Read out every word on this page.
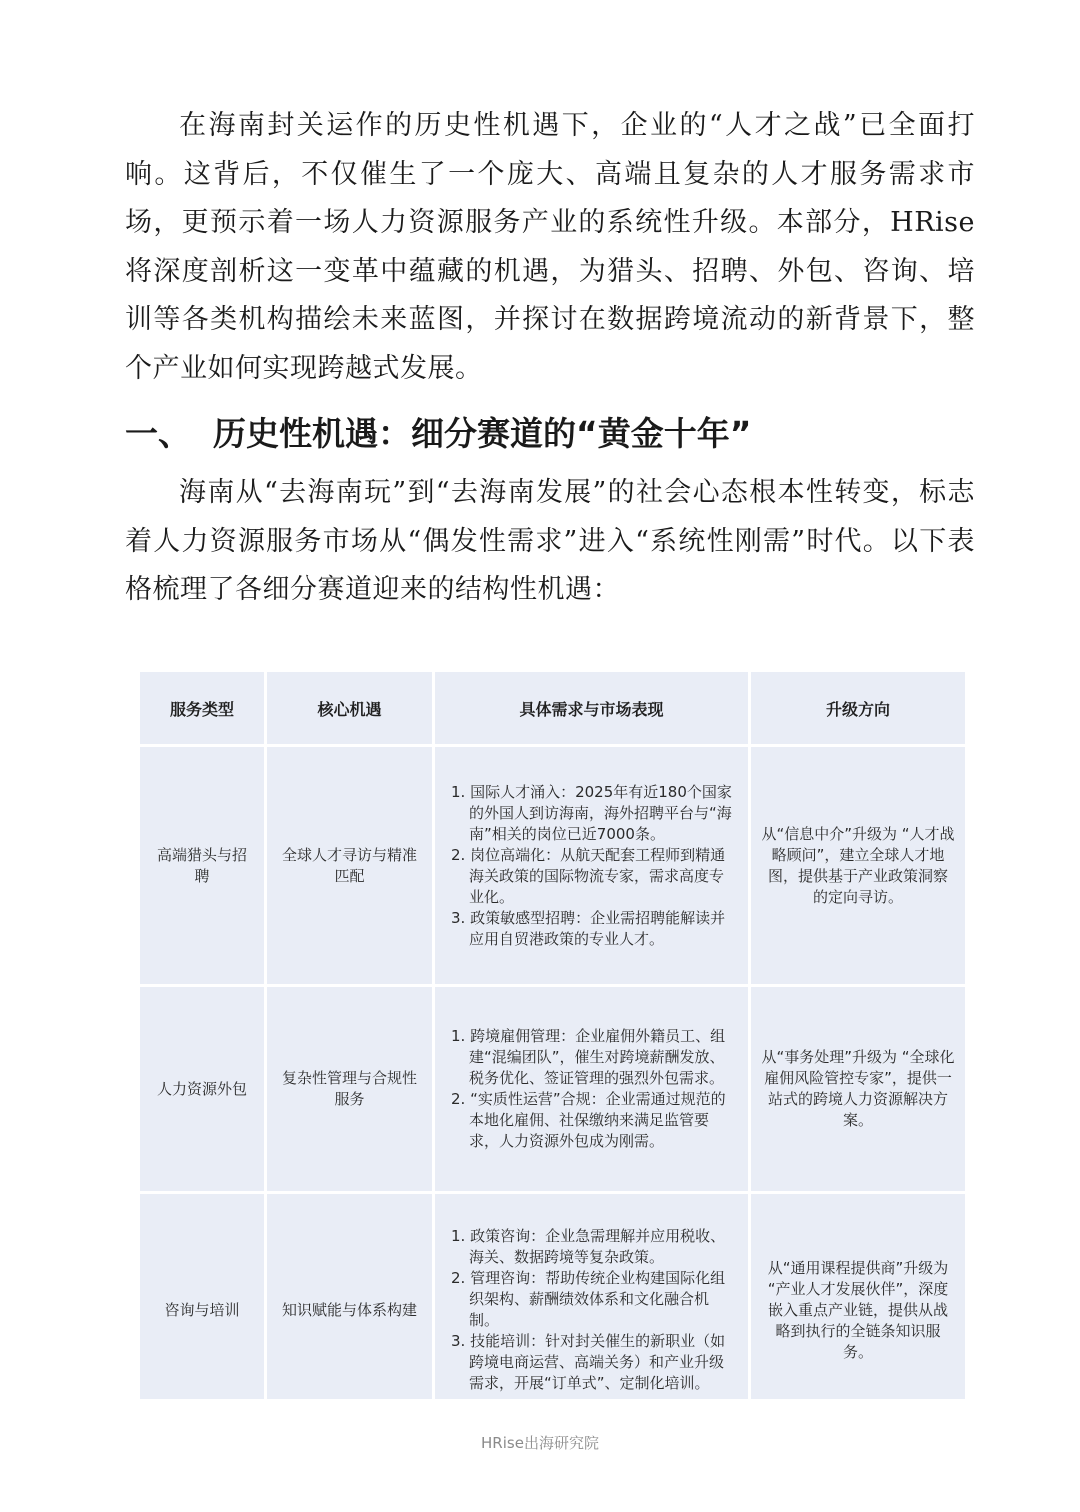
在海南封关运作的历史性机遇下，企业的“人才之战”已全面打响。这背后，不仅催生了一个庞大、高端且复杂的人才服务需求市场，更预示着一场人力资源服务产业的系统性升级。本部分，HRise将深度剖析这一变革中蕴藏的机遇，为猎头、招聘、外包、咨询、培训等各类机构描绘未来蓝图，并探讨在数据跨境流动的新背景下，整个产业如何实现跨越式发展。

一、 历史性机遇：细分赛道的“黄金十年”

海南从“去海南玩”到“去海南发展”的社会心态根本性转变，标志着人力资源服务市场从“偶发性需求”进入“系统性刚需”时代。以下表格梳理了各细分赛道迎来的结构性机遇：

服务类型	核心机遇	具体需求与市场表现	升级方向
高端猎头与招聘	全球人才寻访与精准匹配	1. 国际人才涌入：2025年有近180个国家的外国人到访海南，海外招聘平台与“海南”相关的岗位已近7000条。
2. 岗位高端化：从航天配套工程师到精通海关政策的国际物流专家，需求高度专业化。
3. 政策敏感型招聘：企业需招聘能解读并应用自贸港政策的专业人才。	从“信息中介”升级为 “人才战略顾问”，建立全球人才地图，提供基于产业政策洞察的定向寻访。
人力资源外包	复杂性管理与合规性服务	1. 跨境雇佣管理：企业雇佣外籍员工、组建“混编团队”，催生对跨境薪酬发放、税务优化、签证管理的强烈外包需求。
2. “实质性运营”合规：企业需通过规范的本地化雇佣、社保缴纳来满足监管要求，人力资源外包成为刚需。	从“事务处理”升级为 “全球化雇佣风险管控专家”，提供一站式的跨境人力资源解决方案。
咨询与培训	知识赋能与体系构建	1. 政策咨询：企业急需理解并应用税收、海关、数据跨境等复杂政策。
2. 管理咨询：帮助传统企业构建国际化组织架构、薪酬绩效体系和文化融合机制。
3. 技能培训：针对封关催生的新职业（如跨境电商运营、高端关务）和产业升级需求，开展“订单式”、定制化培训。	从“通用课程提供商”升级为 “产业人才发展伙伴”，深度嵌入重点产业链，提供从战略到执行的全链条知识服务。
HRise出海研究院
